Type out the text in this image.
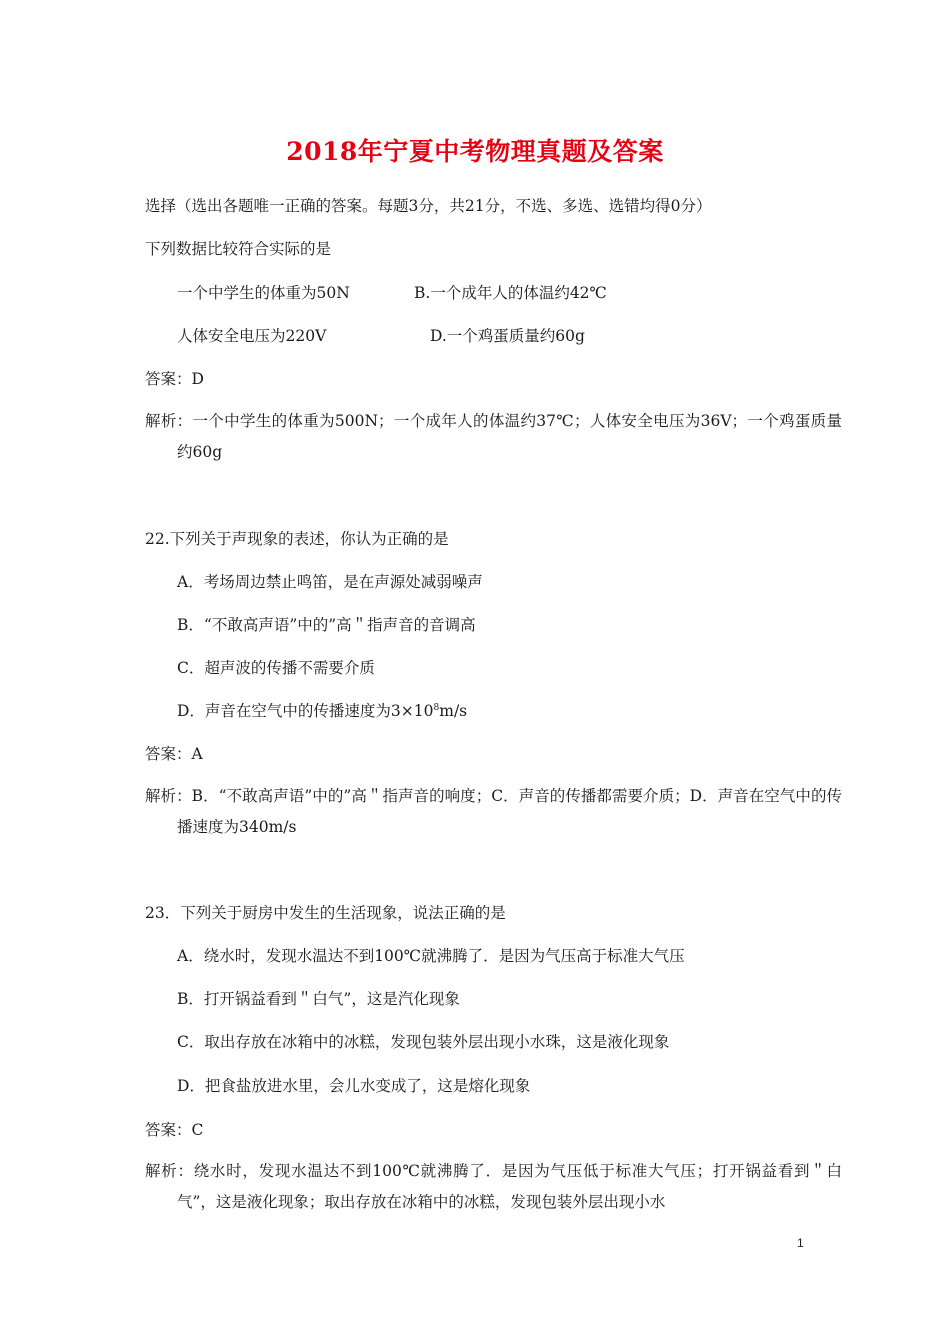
2018年宁夏中考物理真题及答案
选择（选出各题唯一正确的答案。每题3分，共21分，不选、多选、选错均得0分）
下列数据比较符合实际的是
一个中学生的体重为50N	B.一个成年人的体温约42℃
人体安全电压为220V	D.一个鸡蛋质量约60g
答案：D
解析：一个中学生的体重为500N；一个成年人的体温约37℃；人体安全电压为36V；一个鸡蛋质量约60g
22.下列关于声现象的表述，你认为正确的是
A．考场周边禁止鸣笛，是在声源处减弱噪声
B．“不敢高声语”中的”高＂指声音的音调高
C．超声波的传播不需要介质
D．声音在空气中的传播速度为$3\times 10^8m/s$
答案：A
解析：B．“不敢高声语”中的”高＂指声音的响度；C．声音的传播都需要介质；D．声音在空气中的传播速度为340m/s
23．下列关于厨房中发生的生活现象，说法正确的是
A．绕水时，发现水温达不到100℃就沸腾了．是因为气压高于标准大气压
B．打开锅益看到＂白气”，这是汽化现象
C．取出存放在冰箱中的冰糕，发现包装外层出现小水珠，这是液化现象
D．把食盐放进水里，会儿水变成了，这是熔化现象
答案：C
解析：绕水时，发现水温达不到100℃就沸腾了．是因为气压低于标准大气压；打开锅益看到＂白气”，这是液化现象；取出存放在冰箱中的冰糕，发现包装外层出现小水
1
